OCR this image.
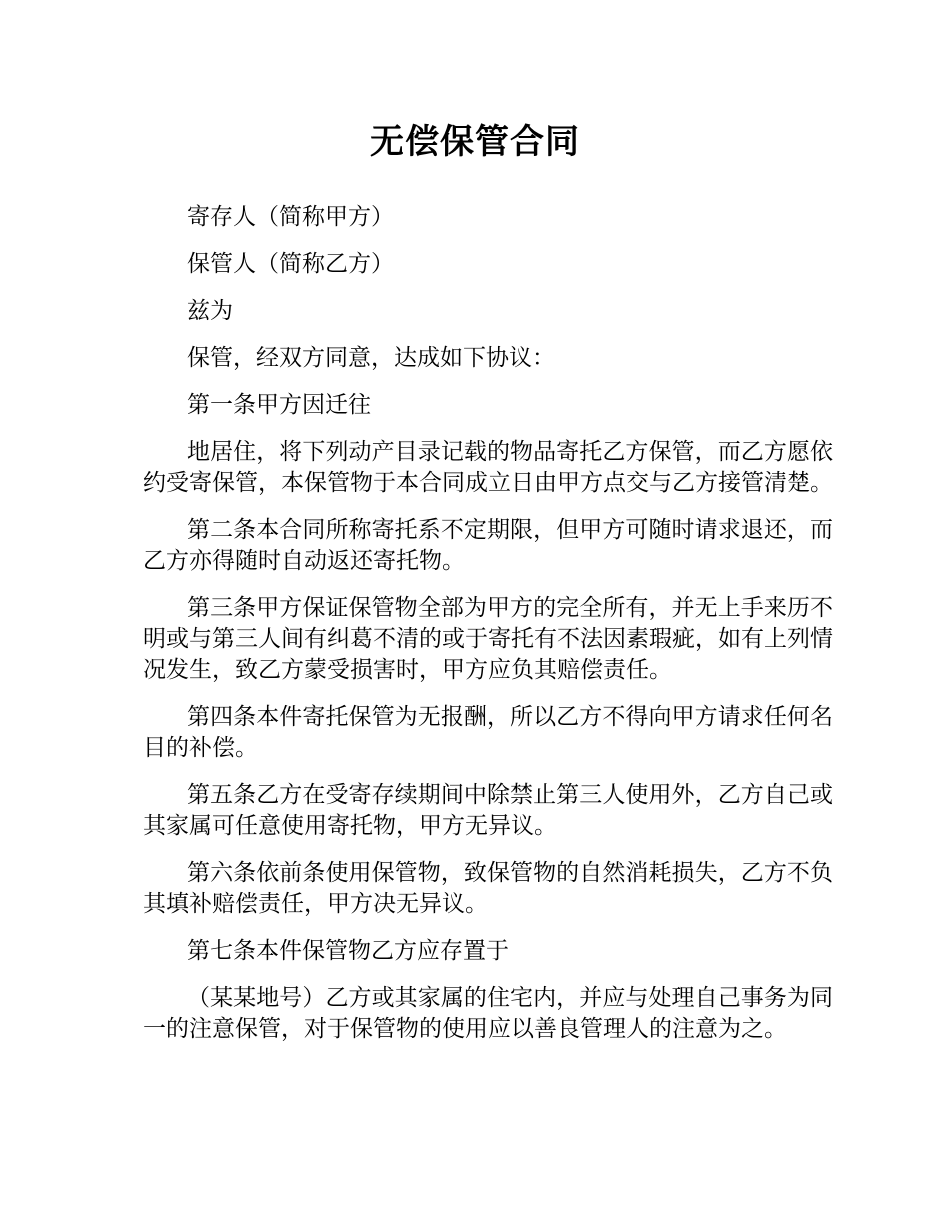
无偿保管合同

寄存人（简称甲方）

保管人（简称乙方）

兹为

保管，经双方同意，达成如下协议：

第一条甲方因迁往

地居住，将下列动产目录记载的物品寄托乙方保管，而乙方愿依约受寄保管，本保管物于本合同成立日由甲方点交与乙方接管清楚。

第二条本合同所称寄托系不定期限，但甲方可随时请求退还，而乙方亦得随时自动返还寄托物。

第三条甲方保证保管物全部为甲方的完全所有，并无上手来历不明或与第三人间有纠葛不清的或于寄托有不法因素瑕疵，如有上列情况发生，致乙方蒙受损害时，甲方应负其赔偿责任。

第四条本件寄托保管为无报酬，所以乙方不得向甲方请求任何名目的补偿。

第五条乙方在受寄存续期间中除禁止第三人使用外，乙方自己或其家属可任意使用寄托物，甲方无异议。

第六条依前条使用保管物，致保管物的自然消耗损失，乙方不负其填补赔偿责任，甲方决无异议。

第七条本件保管物乙方应存置于

（某某地号）乙方或其家属的住宅内，并应与处理自己事务为同一的注意保管，对于保管物的使用应以善良管理人的注意为之。
